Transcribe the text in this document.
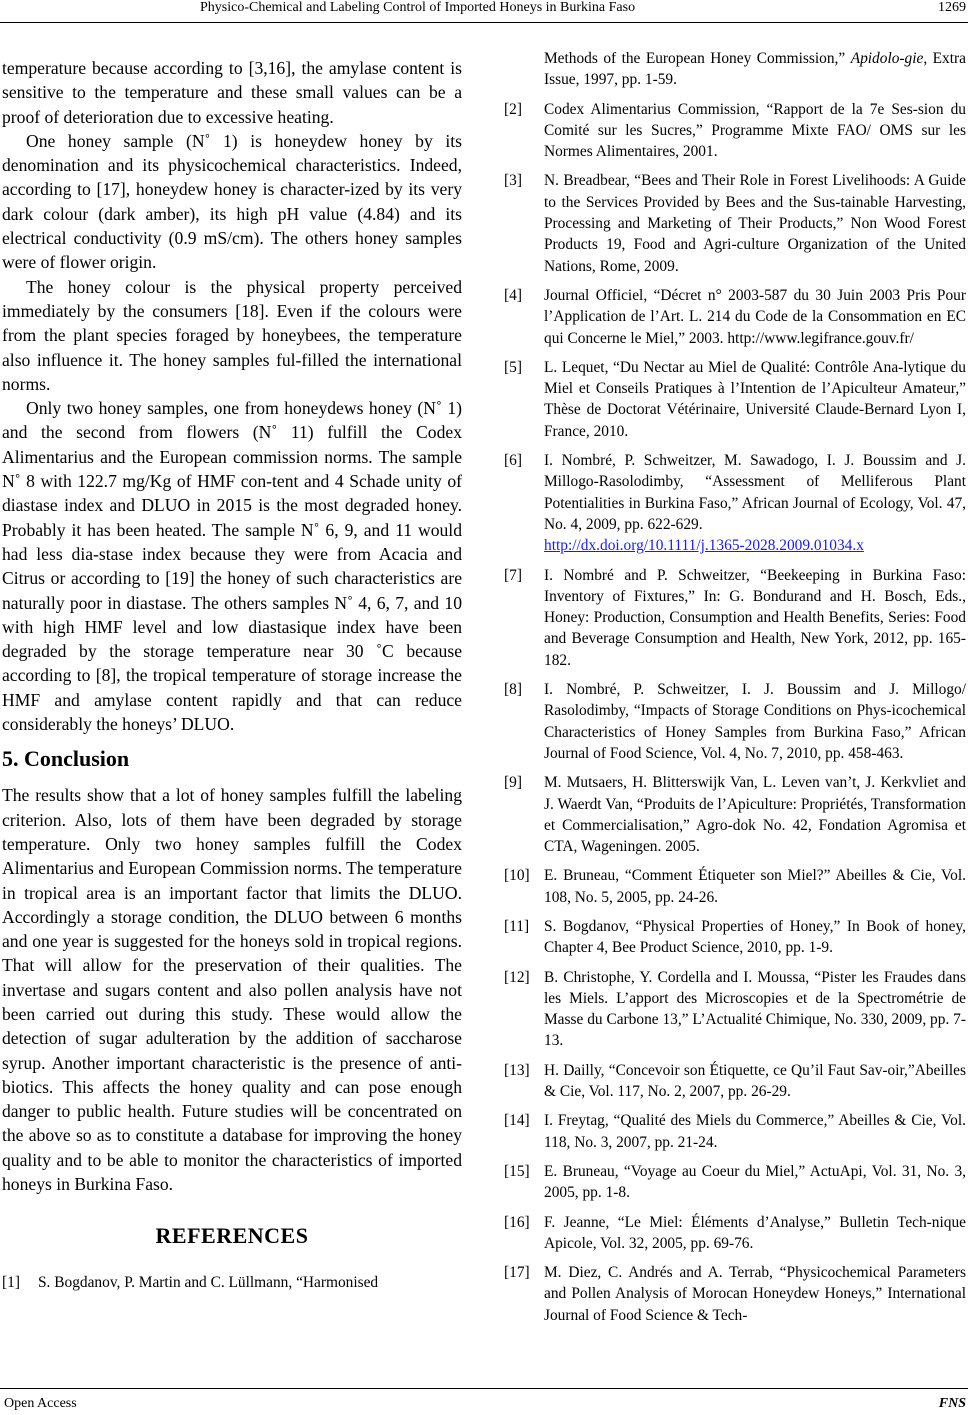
Physico-Chemical and Labeling Control of Imported Honeys in Burkina Faso	1269

temperature because according to [3,16], the amylase content is sensitive to the temperature and these small values can be a proof of deterioration due to excessive heating.

One honey sample (N˚ 1) is honeydew honey by its denomination and its physicochemical characteristics. Indeed, according to [17], honeydew honey is character-ized by its very dark colour (dark amber), its high pH value (4.84) and its electrical conductivity (0.9 mS/cm). The others honey samples were of flower origin.

The honey colour is the physical property perceived immediately by the consumers [18]. Even if the colours were from the plant species foraged by honeybees, the temperature also influence it. The honey samples ful-filled the international norms.

Only two honey samples, one from honeydews honey (N˚ 1) and the second from flowers (N˚ 11) fulfill the Codex Alimentarius and the European commission norms. The sample N˚ 8 with 122.7 mg/Kg of HMF con-tent and 4 Schade unity of diastase index and DLUO in 2015 is the most degraded honey. Probably it has been heated. The sample N˚ 6, 9, and 11 would had less dia-stase index because they were from Acacia and Citrus or according to [19] the honey of such characteristics are naturally poor in diastase. The others samples N˚ 4, 6, 7, and 10 with high HMF level and low diastasique index have been degraded by the storage temperature near 30 ˚C because according to [8], the tropical temperature of storage increase the HMF and amylase content rapidly and that can reduce considerably the honeys’ DLUO.

5. Conclusion

The results show that a lot of honey samples fulfill the labeling criterion. Also, lots of them have been degraded by storage temperature. Only two honey samples fulfill the Codex Alimentarius and European Commission norms. The temperature in tropical area is an important factor that limits the DLUO. Accordingly a storage condition, the DLUO between 6 months and one year is suggested for the honeys sold in tropical regions. That will allow for the preservation of their qualities. The invertase and sugars content and also pollen analysis have not been carried out during this study. These would allow the detection of sugar adulteration by the addition of saccharose syrup. Another important characteristic is the presence of anti-biotics. This affects the honey quality and can pose enough danger to public health. Future studies will be concentrated on the above so as to constitute a database for improving the honey quality and to be able to monitor the characteristics of imported honeys in Burkina Faso.

REFERENCES
[1]	S. Bogdanov, P. Martin and C. Lüllmann, “Harmonised
Methods of the European Honey Commission,” Apidolo-gie, Extra Issue, 1997, pp. 1-59.
[2]	Codex Alimentarius Commission, “Rapport de la 7e Ses-sion du Comité sur les Sucres,” Programme Mixte FAO/ OMS sur les Normes Alimentaires, 2001.
[3]	N. Breadbear, “Bees and Their Role in Forest Livelihoods: A Guide to the Services Provided by Bees and the Sus-tainable Harvesting, Processing and Marketing of Their Products,” Non Wood Forest Products 19, Food and Agri-culture Organization of the United Nations, Rome, 2009.
[4]	Journal Officiel, “Décret n° 2003-587 du 30 Juin 2003 Pris Pour l’Application de l’Art. L. 214 du Code de la Consommation en EC qui Concerne le Miel,” 2003. http://www.legifrance.gouv.fr/
[5]	L. Lequet, “Du Nectar au Miel de Qualité: Contrôle Ana-lytique du Miel et Conseils Pratiques à l’Intention de l’Apiculteur Amateur,” Thèse de Doctorat Vétérinaire, Université Claude-Bernard Lyon I, France, 2010.
[6]	I. Nombré, P. Schweitzer, M. Sawadogo, I. J. Boussim and J. Millogo-Rasolodimby, “Assessment of Melliferous Plant Potentialities in Burkina Faso,” African Journal of Ecology, Vol. 47, No. 4, 2009, pp. 622-629.
http://dx.doi.org/10.1111/j.1365-2028.2009.01034.x
[7]	I. Nombré and P. Schweitzer, “Beekeeping in Burkina Faso: Inventory of Fixtures,” In: G. Bondurand and H. Bosch, Eds., Honey: Production, Consumption and Health Benefits, Series: Food and Beverage Consumption and Health, New York, 2012, pp. 165-182.
[8]	I. Nombré, P. Schweitzer, I. J. Boussim and J. Millogo/ Rasolodimby, “Impacts of Storage Conditions on Phys-icochemical Characteristics of Honey Samples from Burkina Faso,” African Journal of Food Science, Vol. 4, No. 7, 2010, pp. 458-463.
[9]	M. Mutsaers, H. Blitterswijk Van, L. Leven van’t, J. Kerkvliet and J. Waerdt Van, “Produits de l’Apiculture: Propriétés, Transformation et Commercialisation,” Agro-dok No. 42, Fondation Agromisa et CTA, Wageningen. 2005.
[10] E. Bruneau, “Comment Étiqueter son Miel?” Abeilles & Cie, Vol. 108, No. 5, 2005, pp. 24-26.
[11] S. Bogdanov, “Physical Properties of Honey,” In Book of honey, Chapter 4, Bee Product Science, 2010, pp. 1-9.
[12] B. Christophe, Y. Cordella and I. Moussa, “Pister les Fraudes dans les Miels. L’apport des Microscopies et de la Spectrométrie de Masse du Carbone 13,” L’Actualité Chimique, No. 330, 2009, pp. 7-13.
[13] H. Dailly, “Concevoir son Étiquette, ce Qu’il Faut Sav-oir,”Abeilles & Cie, Vol. 117, No. 2, 2007, pp. 26-29.
[14] I. Freytag, “Qualité des Miels du Commerce,” Abeilles & Cie, Vol. 118, No. 3, 2007, pp. 21-24.
[15] E. Bruneau, “Voyage au Coeur du Miel,” ActuApi, Vol. 31, No. 3, 2005, pp. 1-8.
[16] F. Jeanne, “Le Miel: Éléments d’Analyse,” Bulletin Tech-nique Apicole, Vol. 32, 2005, pp. 69-76.
[17] M. Diez, C. Andrés and A. Terrab, “Physicochemical Parameters and Pollen Analysis of Morocan Honeydew Honeys,” International Journal of Food Science & Tech-
Open Access	FNS
